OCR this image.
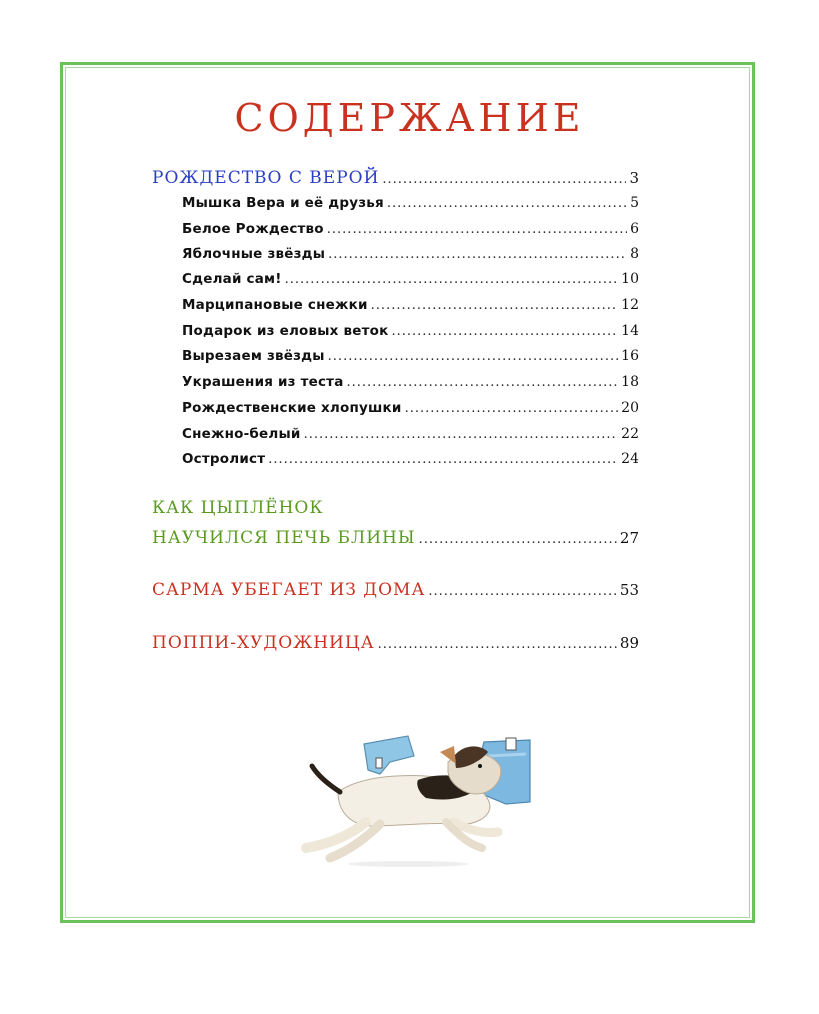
СОДЕРЖАНИЕ
РОЖДЕСТВО С ВЕРОЙ .....	3
Мышка Вера и её друзья .....	5
Белое Рождество .....	6
Яблочные звёзды .....	8
Сделай сам! .....	10
Марципановые снежки .....	12
Подарок из еловых веток .....	14
Вырезаем звёзды .....	16
Украшения из теста .....	18
Рождественские хлопушки .....	20
Снежно-белый .....	22
Остролист .....	24
КАК ЦЫПЛЁНОК
НАУЧИЛСЯ ПЕЧЬ БЛИНЫ .....	27
САРМА УБЕГАЕТ ИЗ ДОМА .....	53
ПОППИ-ХУДОЖНИЦА .....	89
